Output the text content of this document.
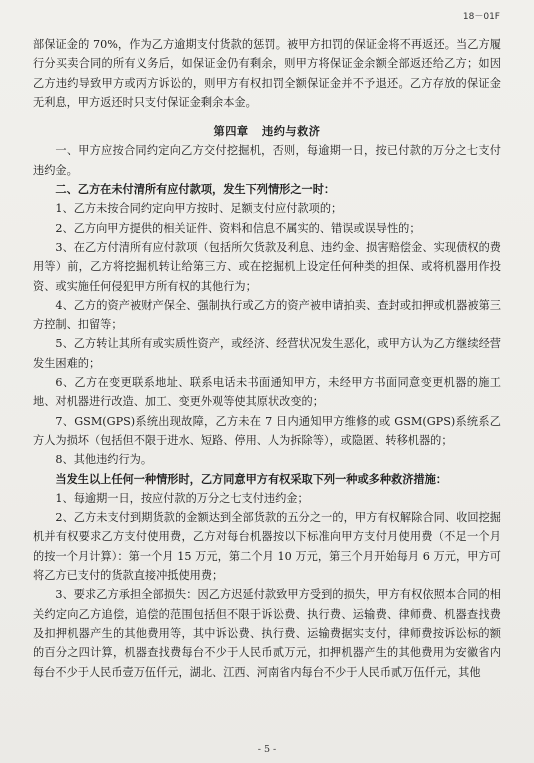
18－01F

部保证金的 70%，作为乙方逾期支付货款的惩罚。被甲方扣罚的保证金将不再返还。当乙方履行分买卖合同的所有义务后，如保证金仍有剩余，则甲方将保证金余额全部返还给乙方；如因乙方违约导致甲方或丙方诉讼的，则甲方有权扣罚全额保证金并不予退还。乙方存放的保证金无利息，甲方返还时只支付保证金剩余本金。

第四章 违约与救济

一、甲方应按合同约定向乙方交付挖掘机，否则，每逾期一日，按已付款的万分之七支付违约金。

二、乙方在未付清所有应付款项，发生下列情形之一时：

1、乙方未按合同约定向甲方按时、足额支付应付款项的；

2、乙方向甲方提供的相关证件、资料和信息不属实的、错误或误导性的；

3、在乙方付清所有应付款项（包括所欠货款及利息、违约金、损害赔偿金、实现债权的费用等）前，乙方将挖掘机转让给第三方、或在挖掘机上设定任何种类的担保、或将机器用作投资、或实施任何侵犯甲方所有权的其他行为；

4、乙方的资产被财产保全、强制执行或乙方的资产被申请拍卖、查封或扣押或机器被第三方控制、扣留等；

5、乙方转让其所有或实质性资产，或经济、经营状况发生恶化，或甲方认为乙方继续经营发生困难的；

6、乙方在变更联系地址、联系电话未书面通知甲方，未经甲方书面同意变更机器的施工地、对机器进行改造、加工、变更外观等使其原状改变的；

7、GSM(GPS)系统出现故障，乙方未在 7 日内通知甲方维修的或 GSM(GPS)系统系乙方人为损坏（包括但不限于进水、短路、停用、人为拆除等），或隐匿、转移机器的；

8、其他违约行为。

当发生以上任何一种情形时，乙方同意甲方有权采取下列一种或多种救济措施：

1、每逾期一日，按应付款的万分之七支付违约金；

2、乙方未支付到期货款的金额达到全部货款的五分之一的，甲方有权解除合同、收回挖掘机并有权要求乙方支付使用费，乙方对每台机器按以下标准向甲方支付月使用费（不足一个月的按一个月计算）：第一个月 15 万元，第二个月 10 万元，第三个月开始每月 6 万元，甲方可将乙方已支付的货款直接冲抵使用费；

3、要求乙方承担全部损失：因乙方迟延付款致甲方受到的损失，甲方有权依照本合同的相关约定向乙方追偿，追偿的范围包括但不限于诉讼费、执行费、运输费、律师费、机器查找费及扣押机器产生的其他费用等，其中诉讼费、执行费、运输费据实支付，律师费按诉讼标的额的百分之四计算，机器查找费每台不少于人民币贰万元，扣押机器产生的其他费用为安徽省内每台不少于人民币壹万伍仟元，湖北、江西、河南省内每台不少于人民币贰万伍仟元，其他

- 5 -
